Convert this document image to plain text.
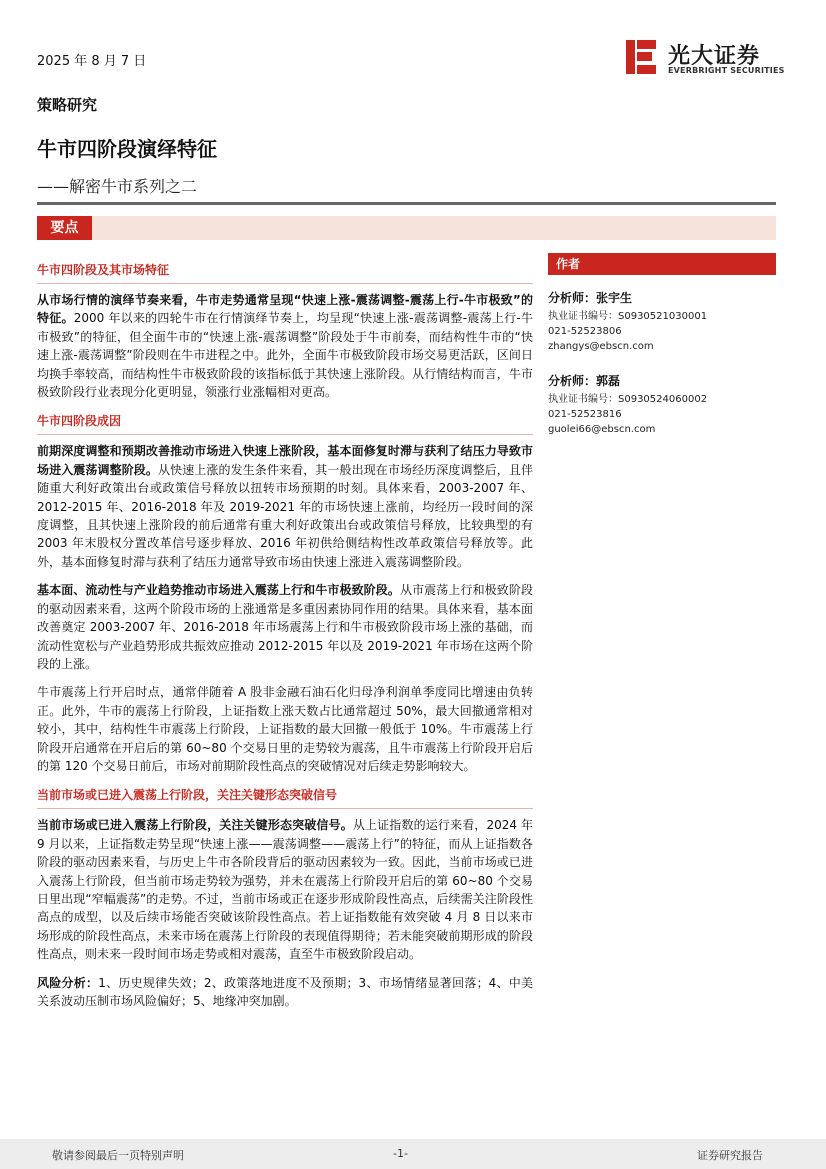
2025 年 8 月 7 日	光大证券
EVERBRIGHT SECURITIES
策略研究
牛市四阶段演绎特征
——解密牛市系列之二
要点
牛市四阶段及其市场特征

从市场行情的演绎节奏来看，牛市走势通常呈现“快速上涨-震荡调整-震荡上行-牛市极致”的特征。2000 年以来的四轮牛市在行情演绎节奏上，均呈现“快速上涨-震荡调整-震荡上行-牛市极致”的特征，但全面牛市的“快速上涨-震荡调整”阶段处于牛市前奏，而结构性牛市的“快速上涨-震荡调整”阶段则在牛市进程之中。此外，全面牛市极致阶段市场交易更活跃，区间日均换手率较高，而结构性牛市极致阶段的该指标低于其快速上涨阶段。从行情结构而言，牛市极致阶段行业表现分化更明显，领涨行业涨幅相对更高。

牛市四阶段成因

前期深度调整和预期改善推动市场进入快速上涨阶段，基本面修复时滞与获利了结压力导致市场进入震荡调整阶段。从快速上涨的发生条件来看，其一般出现在市场经历深度调整后，且伴随重大利好政策出台或政策信号释放以扭转市场预期的时刻。具体来看，2003-2007 年、2012-2015 年、2016-2018 年及 2019-2021 年的市场快速上涨前，均经历一段时间的深度调整，且其快速上涨阶段的前后通常有重大利好政策出台或政策信号释放，比较典型的有 2003 年末股权分置改革信号逐步释放、2016 年初供给侧结构性改革政策信号释放等。此外，基本面修复时滞与获利了结压力通常导致市场由快速上涨进入震荡调整阶段。

基本面、流动性与产业趋势推动市场进入震荡上行和牛市极致阶段。从市震荡上行和极致阶段的驱动因素来看，这两个阶段市场的上涨通常是多重因素协同作用的结果。具体来看，基本面改善奠定 2003-2007 年、2016-2018 年市场震荡上行和牛市极致阶段市场上涨的基础，而流动性宽松与产业趋势形成共振效应推动 2012-2015 年以及 2019-2021 年市场在这两个阶段的上涨。

牛市震荡上行开启时点，通常伴随着 A 股非金融石油石化归母净利润单季度同比增速由负转正。此外，牛市的震荡上行阶段，上证指数上涨天数占比通常超过 50%，最大回撤通常相对较小，其中，结构性牛市震荡上行阶段，上证指数的最大回撤一般低于 10%。牛市震荡上行阶段开启通常在开启后的第 60~80 个交易日里的走势较为震荡，且牛市震荡上行阶段开启后的第 120 个交易日前后，市场对前期阶段性高点的突破情况对后续走势影响较大。

当前市场或已进入震荡上行阶段，关注关键形态突破信号

当前市场或已进入震荡上行阶段，关注关键形态突破信号。从上证指数的运行来看，2024 年 9 月以来，上证指数走势呈现“快速上涨——震荡调整——震荡上行”的特征，而从上证指数各阶段的驱动因素来看，与历史上牛市各阶段背后的驱动因素较为一致。因此，当前市场或已进入震荡上行阶段，但当前市场走势较为强势，并未在震荡上行阶段开启后的第 60~80 个交易日里出现“窄幅震荡”的走势。不过，当前市场或正在逐步形成阶段性高点，后续需关注阶段性高点的成型，以及后续市场能否突破该阶段性高点。若上证指数能有效突破 4 月 8 日以来市场形成的阶段性高点，未来市场在震荡上行阶段的表现值得期待；若未能突破前期形成的阶段性高点，则未来一段时间市场走势或相对震荡，直至牛市极致阶段启动。

风险分析：1、历史规律失效；2、政策落地进度不及预期；3、市场情绪显著回落；4、中美关系波动压制市场风险偏好；5、地缘冲突加剧。

作者
分析师：张宇生
执业证书编号：S0930521030001
021-52523806
zhangys@ebscn.com
分析师：郭磊
执业证书编号：S0930524060002
021-52523816
guolei66@ebscn.com
敬请参阅最后一页特别声明	-1-	证券研究报告
